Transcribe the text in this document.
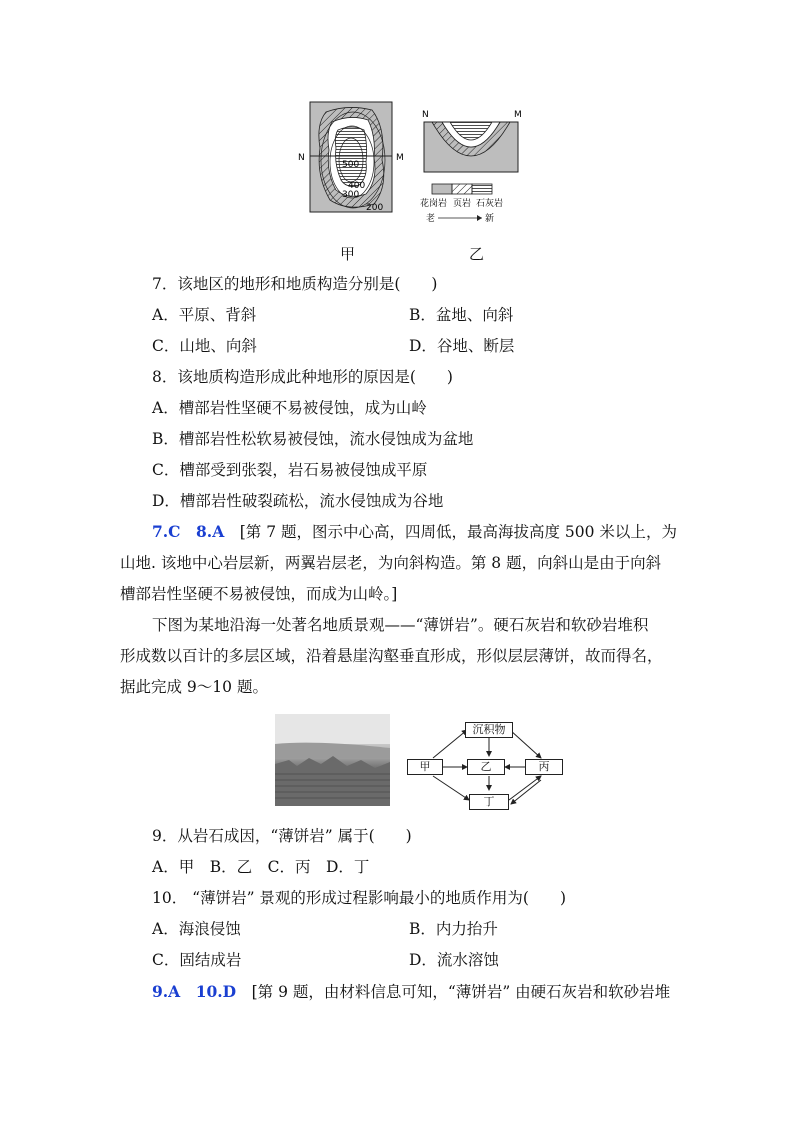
N	M
500
400
300
200
N	M
花岗岩 页岩 石灰岩
老	新
甲	乙
7．该地区的地形和地质构造分别是(　　)
A．平原、背斜	B．盆地、向斜
C．山地、向斜	D．谷地、断层
8．该地质构造形成此种地形的原因是(　　)
A．槽部岩性坚硬不易被侵蚀，成为山岭
B．槽部岩性松软易被侵蚀，流水侵蚀成为盆地
C．槽部受到张裂，岩石易被侵蚀成平原
D．槽部岩性破裂疏松，流水侵蚀成为谷地
7.C　8.A　[第 7 题，图示中心高，四周低，最高海拔高度 500 米以上，为
山地. 该地中心岩层新，两翼岩层老，为向斜构造。第 8 题，向斜山是由于向斜
槽部岩性坚硬不易被侵蚀，而成为山岭。]
下图为某地沿海一处著名地质景观——“薄饼岩”。硬石灰岩和软砂岩堆积
形成数以百计的多层区域，沿着悬崖沟壑垂直形成，形似层层薄饼，故而得名，
据此完成 9～10 题。
沉积物
甲	乙	丙
丁
9．从岩石成因，“薄饼岩” 属于(　　)
A．甲　B．乙　C．丙　D．丁
10． “薄饼岩” 景观的形成过程影响最小的地质作用为(　　)
A．海浪侵蚀	B．内力抬升
C．固结成岩	D．流水溶蚀
9.A　10.D　[第 9 题，由材料信息可知，“薄饼岩” 由硬石灰岩和软砂岩堆
